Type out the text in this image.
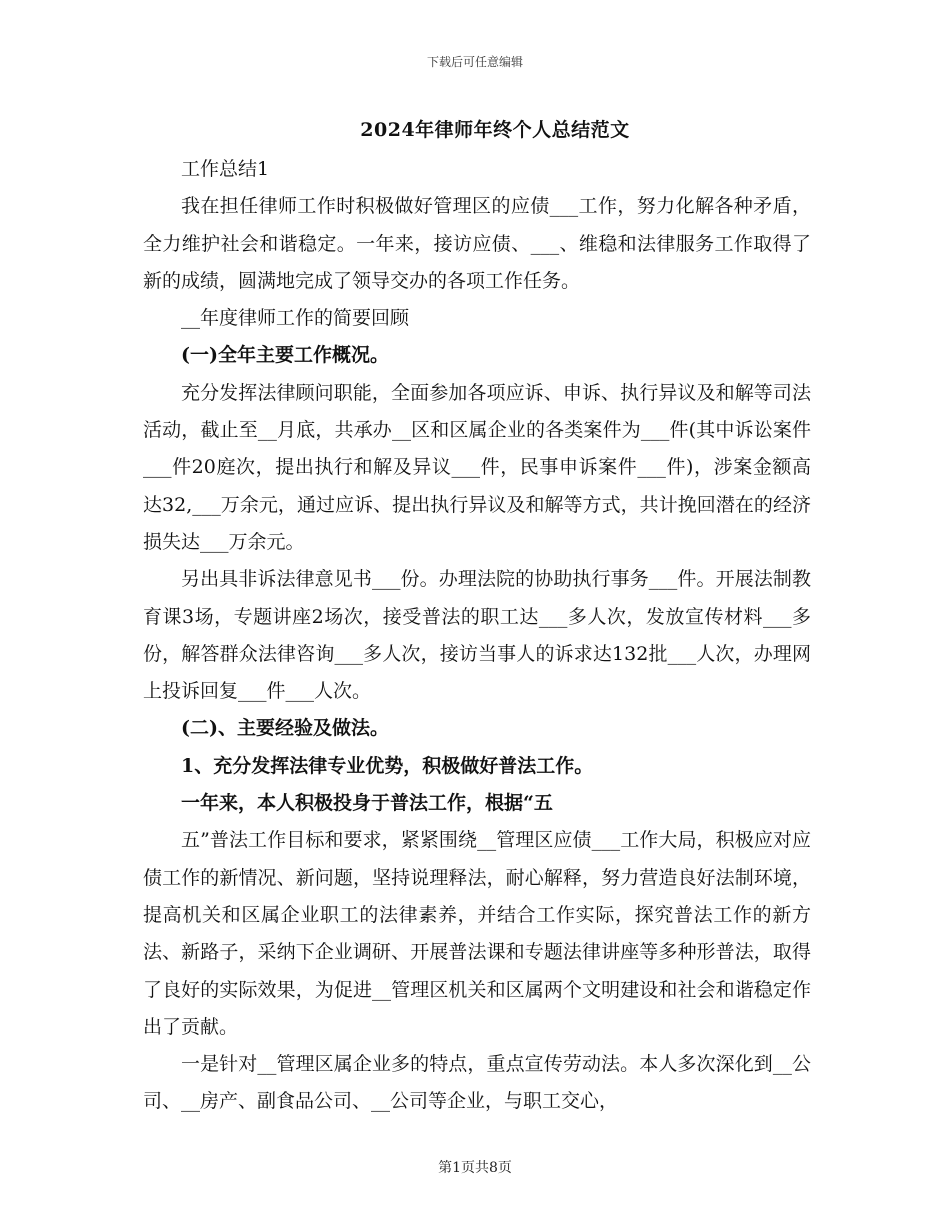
下载后可任意编辑
2024年律师年终个人总结范文

工作总结1

我在担任律师工作时积极做好管理区的应债___工作，努力化解各种矛盾，全力维护社会和谐稳定。一年来，接访应债、___、维稳和法律服务工作取得了新的成绩，圆满地完成了领导交办的各项工作任务。

__年度律师工作的简要回顾

(一)全年主要工作概况。

充分发挥法律顾问职能，全面参加各项应诉、申诉、执行异议及和解等司法活动，截止至__月底，共承办__区和区属企业的各类案件为___件(其中诉讼案件___件20庭次，提出执行和解及异议___件，民事申诉案件___件)，涉案金额高达32,___万余元，通过应诉、提出执行异议及和解等方式，共计挽回潜在的经济损失达___万余元。

另出具非诉法律意见书___份。办理法院的协助执行事务___件。开展法制教育课3场，专题讲座2场次，接受普法的职工达___多人次，发放宣传材料___多份，解答群众法律咨询___多人次，接访当事人的诉求达132批___人次，办理网上投诉回复___件___人次。

(二)、主要经验及做法。

1、充分发挥法律专业优势，积极做好普法工作。

一年来，本人积极投身于普法工作，根据“五

五”普法工作目标和要求，紧紧围绕__管理区应债___工作大局，积极应对应债工作的新情况、新问题，坚持说理释法，耐心解释，努力营造良好法制环境，提高机关和区属企业职工的法律素养，并结合工作实际，探究普法工作的新方法、新路子，采纳下企业调研、开展普法课和专题法律讲座等多种形普法，取得了良好的实际效果，为促进__管理区机关和区属两个文明建设和社会和谐稳定作出了贡献。

一是针对__管理区属企业多的特点，重点宣传劳动法。本人多次深化到__公司、__房产、副食品公司、__公司等企业，与职工交心，

第1页共8页
